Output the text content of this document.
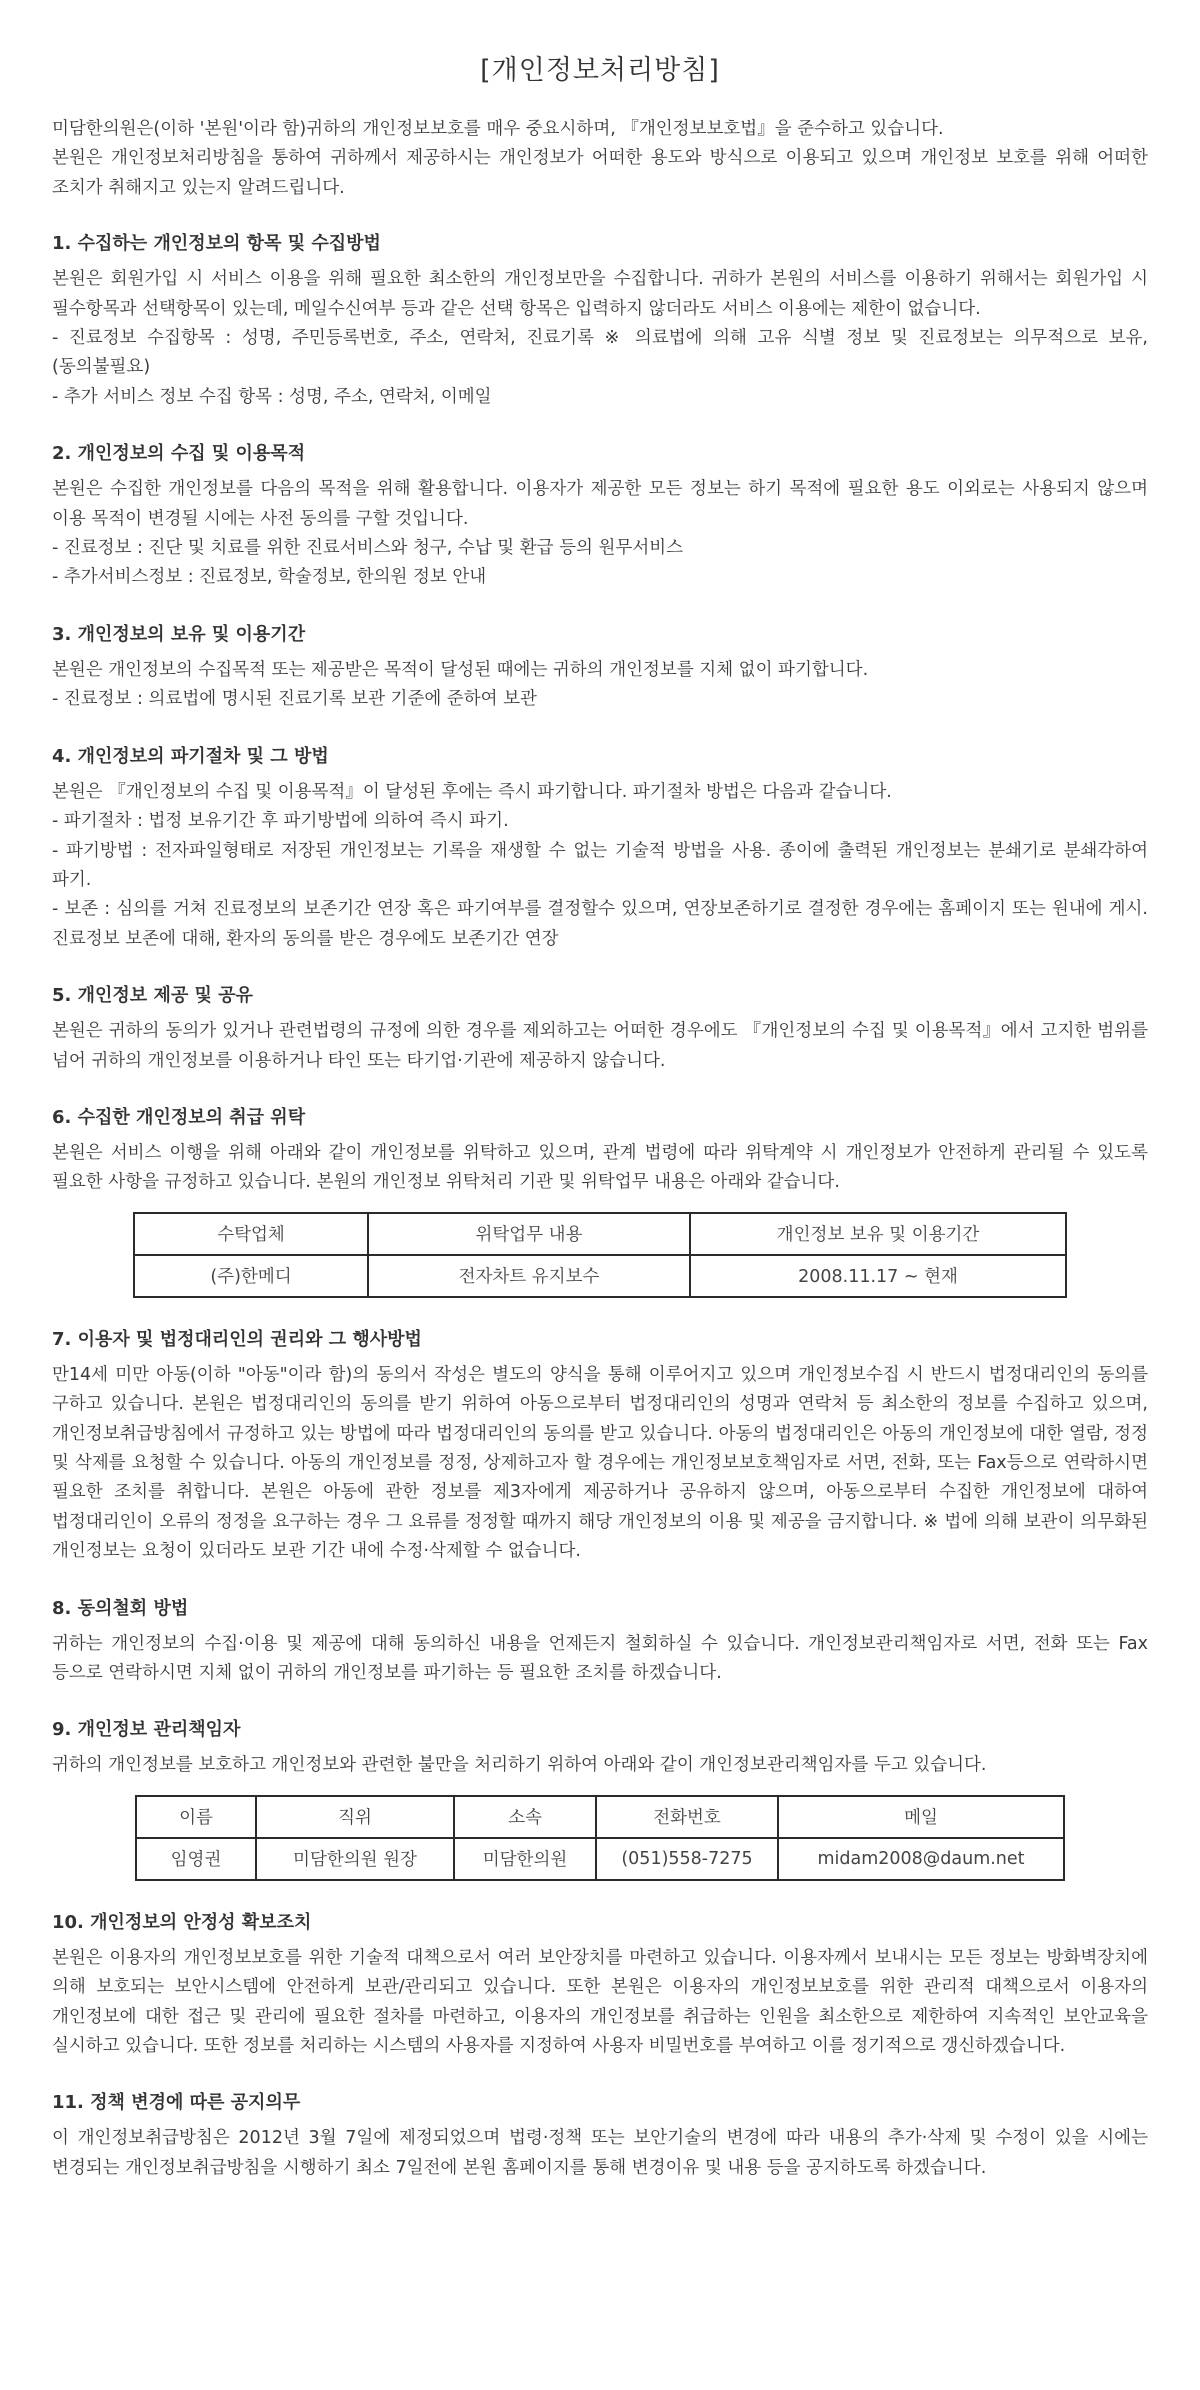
[개인정보처리방침]

미담한의원은(이하 '본원'이라 함)귀하의 개인정보보호를 매우 중요시하며, 『개인정보보호법』을 준수하고 있습니다.

본원은 개인정보처리방침을 통하여 귀하께서 제공하시는 개인정보가 어떠한 용도와 방식으로 이용되고 있으며 개인정보 보호를 위해 어떠한 조치가 취해지고 있는지 알려드립니다.

1. 수집하는 개인정보의 항목 및 수집방법

본원은 회원가입 시 서비스 이용을 위해 필요한 최소한의 개인정보만을 수집합니다. 귀하가 본원의 서비스를 이용하기 위해서는 회원가입 시 필수항목과 선택항목이 있는데, 메일수신여부 등과 같은 선택 항목은 입력하지 않더라도 서비스 이용에는 제한이 없습니다.

- 진료정보 수집항목 : 성명, 주민등록번호, 주소, 연락처, 진료기록 ※ 의료법에 의해 고유 식별 정보 및 진료정보는 의무적으로 보유, (동의불필요)

- 추가 서비스 정보 수집 항목 : 성명, 주소, 연락처, 이메일

2. 개인정보의 수집 및 이용목적

본원은 수집한 개인정보를 다음의 목적을 위해 활용합니다. 이용자가 제공한 모든 정보는 하기 목적에 필요한 용도 이외로는 사용되지 않으며 이용 목적이 변경될 시에는 사전 동의를 구할 것입니다.

- 진료정보 : 진단 및 치료를 위한 진료서비스와 청구, 수납 및 환급 등의 원무서비스

- 추가서비스정보 : 진료정보, 학술정보, 한의원 정보 안내

3. 개인정보의 보유 및 이용기간

본원은 개인정보의 수집목적 또는 제공받은 목적이 달성된 때에는 귀하의 개인정보를 지체 없이 파기합니다.

- 진료정보 : 의료법에 명시된 진료기록 보관 기준에 준하여 보관

4. 개인정보의 파기절차 및 그 방법

본원은 『개인정보의 수집 및 이용목적』이 달성된 후에는 즉시 파기합니다. 파기절차 방법은 다음과 같습니다.

- 파기절차 : 법정 보유기간 후 파기방법에 의하여 즉시 파기.

- 파기방법 : 전자파일형태로 저장된 개인정보는 기록을 재생할 수 없는 기술적 방법을 사용. 종이에 출력된 개인정보는 분쇄기로 분쇄각하여 파기.

- 보존 : 심의를 거쳐 진료정보의 보존기간 연장 혹은 파기여부를 결정할수 있으며, 연장보존하기로 결정한 경우에는 홈페이지 또는 원내에 게시. 진료정보 보존에 대해, 환자의 동의를 받은 경우에도 보존기간 연장

5. 개인정보 제공 및 공유

본원은 귀하의 동의가 있거나 관련법령의 규정에 의한 경우를 제외하고는 어떠한 경우에도 『개인정보의 수집 및 이용목적』에서 고지한 범위를 넘어 귀하의 개인정보를 이용하거나 타인 또는 타기업·기관에 제공하지 않습니다.

6. 수집한 개인정보의 취급 위탁

본원은 서비스 이행을 위해 아래와 같이 개인정보를 위탁하고 있으며, 관계 법령에 따라 위탁계약 시 개인정보가 안전하게 관리될 수 있도록 필요한 사항을 규정하고 있습니다. 본원의 개인정보 위탁처리 기관 및 위탁업무 내용은 아래와 같습니다.

수탁업체	위탁업무 내용	개인정보 보유 및 이용기간
(주)한메디	전자차트 유지보수	2008.11.17 ~ 현재
7. 이용자 및 법정대리인의 권리와 그 행사방법

만14세 미만 아동(이하 "아동"이라 함)의 동의서 작성은 별도의 양식을 통해 이루어지고 있으며 개인정보수집 시 반드시 법정대리인의 동의를 구하고 있습니다. 본원은 법정대리인의 동의를 받기 위하여 아동으로부터 법정대리인의 성명과 연락처 등 최소한의 정보를 수집하고 있으며, 개인정보취급방침에서 규정하고 있는 방법에 따라 법정대리인의 동의를 받고 있습니다. 아동의 법정대리인은 아동의 개인정보에 대한 열람, 정정 및 삭제를 요청할 수 있습니다. 아동의 개인정보를 정정, 상제하고자 할 경우에는 개인정보보호책임자로 서면, 전화, 또는 Fax등으로 연락하시면 필요한 조치를 취합니다. 본원은 아동에 관한 정보를 제3자에게 제공하거나 공유하지 않으며, 아동으로부터 수집한 개인정보에 대하여 법정대리인이 오류의 정정을 요구하는 경우 그 요류를 정정할 때까지 해당 개인정보의 이용 및 제공을 금지합니다. ※ 법에 의해 보관이 의무화된 개인정보는 요청이 있더라도 보관 기간 내에 수정·삭제할 수 없습니다.

8. 동의철회 방법

귀하는 개인정보의 수집·이용 및 제공에 대해 동의하신 내용을 언제든지 철회하실 수 있습니다. 개인정보관리책임자로 서면, 전화 또는 Fax 등으로 연락하시면 지체 없이 귀하의 개인정보를 파기하는 등 필요한 조치를 하겠습니다.

9. 개인정보 관리책임자

귀하의 개인정보를 보호하고 개인정보와 관련한 불만을 처리하기 위하여 아래와 같이 개인정보관리책임자를 두고 있습니다.

이름	직위	소속	전화번호	메일
임영권	미담한의원 원장	미담한의원	(051)558-7275	midam2008@daum.net
10. 개인정보의 안정성 확보조치

본원은 이용자의 개인정보보호를 위한 기술적 대책으로서 여러 보안장치를 마련하고 있습니다. 이용자께서 보내시는 모든 정보는 방화벽장치에 의해 보호되는 보안시스템에 안전하게 보관/관리되고 있습니다. 또한 본원은 이용자의 개인정보보호를 위한 관리적 대책으로서 이용자의 개인정보에 대한 접근 및 관리에 필요한 절차를 마련하고, 이용자의 개인정보를 취급하는 인원을 최소한으로 제한하여 지속적인 보안교육을 실시하고 있습니다. 또한 정보를 처리하는 시스템의 사용자를 지정하여 사용자 비밀번호를 부여하고 이를 정기적으로 갱신하겠습니다.

11. 정책 변경에 따른 공지의무

이 개인정보취급방침은 2012년 3월 7일에 제정되었으며 법령·정책 또는 보안기술의 변경에 따라 내용의 추가·삭제 및 수정이 있을 시에는 변경되는 개인정보취급방침을 시행하기 최소 7일전에 본원 홈페이지를 통해 변경이유 및 내용 등을 공지하도록 하겠습니다.
